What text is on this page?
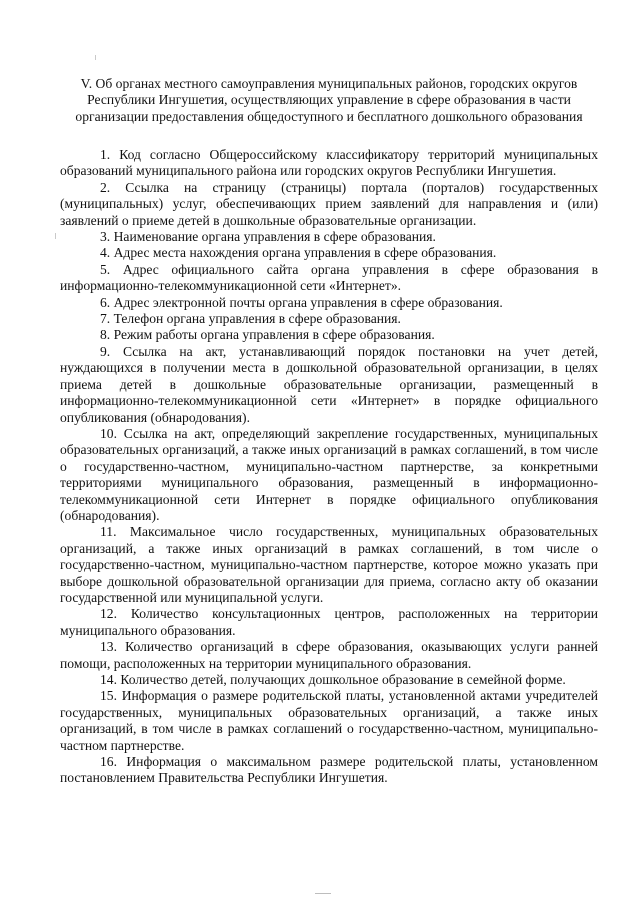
V. Об органах местного самоуправления муниципальных районов, городских округов Республики Ингушетия, осуществляющих управление в сфере образования в части организации предоставления общедоступного и бесплатного дошкольного образования

1. Код согласно Общероссийскому классификатору территорий муниципальных образований муниципального района или городских округов Республики Ингушетия.

2. Ссылка на страницу (страницы) портала (порталов) государственных (муниципальных) услуг, обеспечивающих прием заявлений для направления и (или) заявлений о приеме детей в дошкольные образовательные организации.

3. Наименование органа управления в сфере образования.

4. Адрес места нахождения органа управления в сфере образования.

5. Адрес официального сайта органа управления в сфере образования в информационно-телекоммуникационной сети «Интернет».

6. Адрес электронной почты органа управления в сфере образования.

7. Телефон органа управления в сфере образования.

8. Режим работы органа управления в сфере образования.

9. Ссылка на акт, устанавливающий порядок постановки на учет детей, нуждающихся в получении места в дошкольной образовательной организации, в целях приема детей в дошкольные образовательные организации, размещенный в информационно-телекоммуникационной сети «Интернет» в порядке официального опубликования (обнародования).

10. Ссылка на акт, определяющий закрепление государственных, муниципальных образовательных организаций, а также иных организаций в рамках соглашений, в том числе о государственно-частном, муниципально-частном партнерстве, за конкретными территориями муниципального образования, размещенный в информационно-телекоммуникационной сети Интернет в порядке официального опубликования (обнародования).

11. Максимальное число государственных, муниципальных образовательных организаций, а также иных организаций в рамках соглашений, в том числе о государственно-частном, муниципально-частном партнерстве, которое можно указать при выборе дошкольной образовательной организации для приема, согласно акту об оказании государственной или муниципальной услуги.

12. Количество консультационных центров, расположенных на территории муниципального образования.

13. Количество организаций в сфере образования, оказывающих услуги ранней помощи, расположенных на территории муниципального образования.

14. Количество детей, получающих дошкольное образование в семейной форме.

15. Информация о размере родительской платы, установленной актами учредителей государственных, муниципальных образовательных организаций, а также иных организаций, в том числе в рамках соглашений о государственно-частном, муниципально-частном партнерстве.

16. Информация о максимальном размере родительской платы, установленном постановлением Правительства Республики Ингушетия.
